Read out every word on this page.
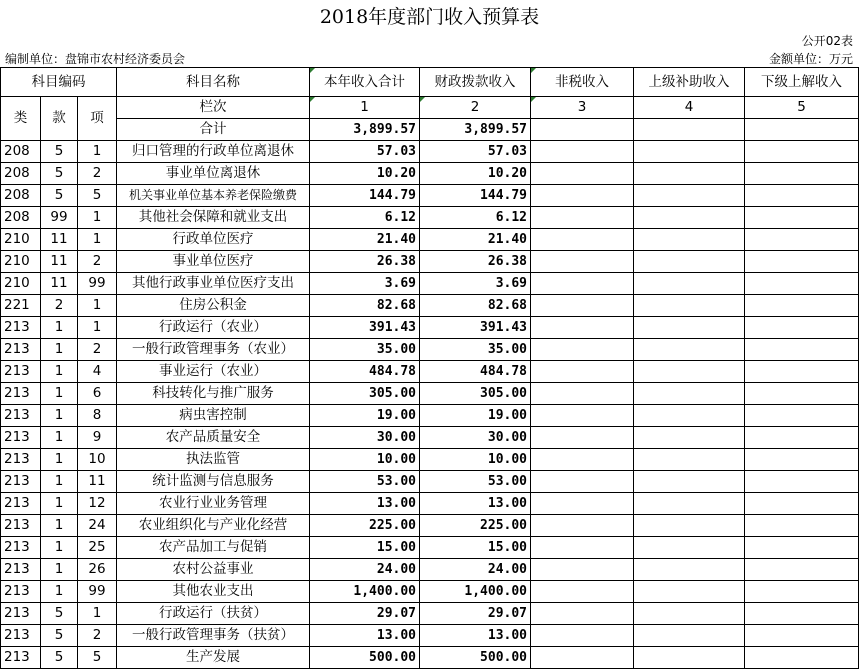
2018年度部门收入预算表
公开02表
编制单位：盘锦市农村经济委员会	金额单位：万元
科目编码			科目名称	本年收入合计	财政拨款收入	非税收入	上级补助收入	下级上解收入
类	款	项	栏次	1	2	3	4	5
			合计	3,899.57	3,899.57			
208	5	1	归口管理的行政单位离退休	57.03	57.03			
208	5	2	事业单位离退休	10.20	10.20			
208	5	5	机关事业单位基本养老保险缴费	144.79	144.79			
208	99	1	其他社会保障和就业支出	6.12	6.12			
210	11	1	行政单位医疗	21.40	21.40			
210	11	2	事业单位医疗	26.38	26.38			
210	11	99	其他行政事业单位医疗支出	3.69	3.69			
221	2	1	住房公积金	82.68	82.68			
213	1	1	行政运行（农业）	391.43	391.43			
213	1	2	一般行政管理事务（农业）	35.00	35.00			
213	1	4	事业运行（农业）	484.78	484.78			
213	1	6	科技转化与推广服务	305.00	305.00			
213	1	8	病虫害控制	19.00	19.00			
213	1	9	农产品质量安全	30.00	30.00			
213	1	10	执法监管	10.00	10.00			
213	1	11	统计监测与信息服务	53.00	53.00			
213	1	12	农业行业业务管理	13.00	13.00			
213	1	24	农业组织化与产业化经营	225.00	225.00			
213	1	25	农产品加工与促销	15.00	15.00			
213	1	26	农村公益事业	24.00	24.00			
213	1	99	其他农业支出	1,400.00	1,400.00			
213	5	1	行政运行（扶贫）	29.07	29.07			
213	5	2	一般行政管理事务（扶贫）	13.00	13.00			
213	5	5	生产发展	500.00	500.00			
